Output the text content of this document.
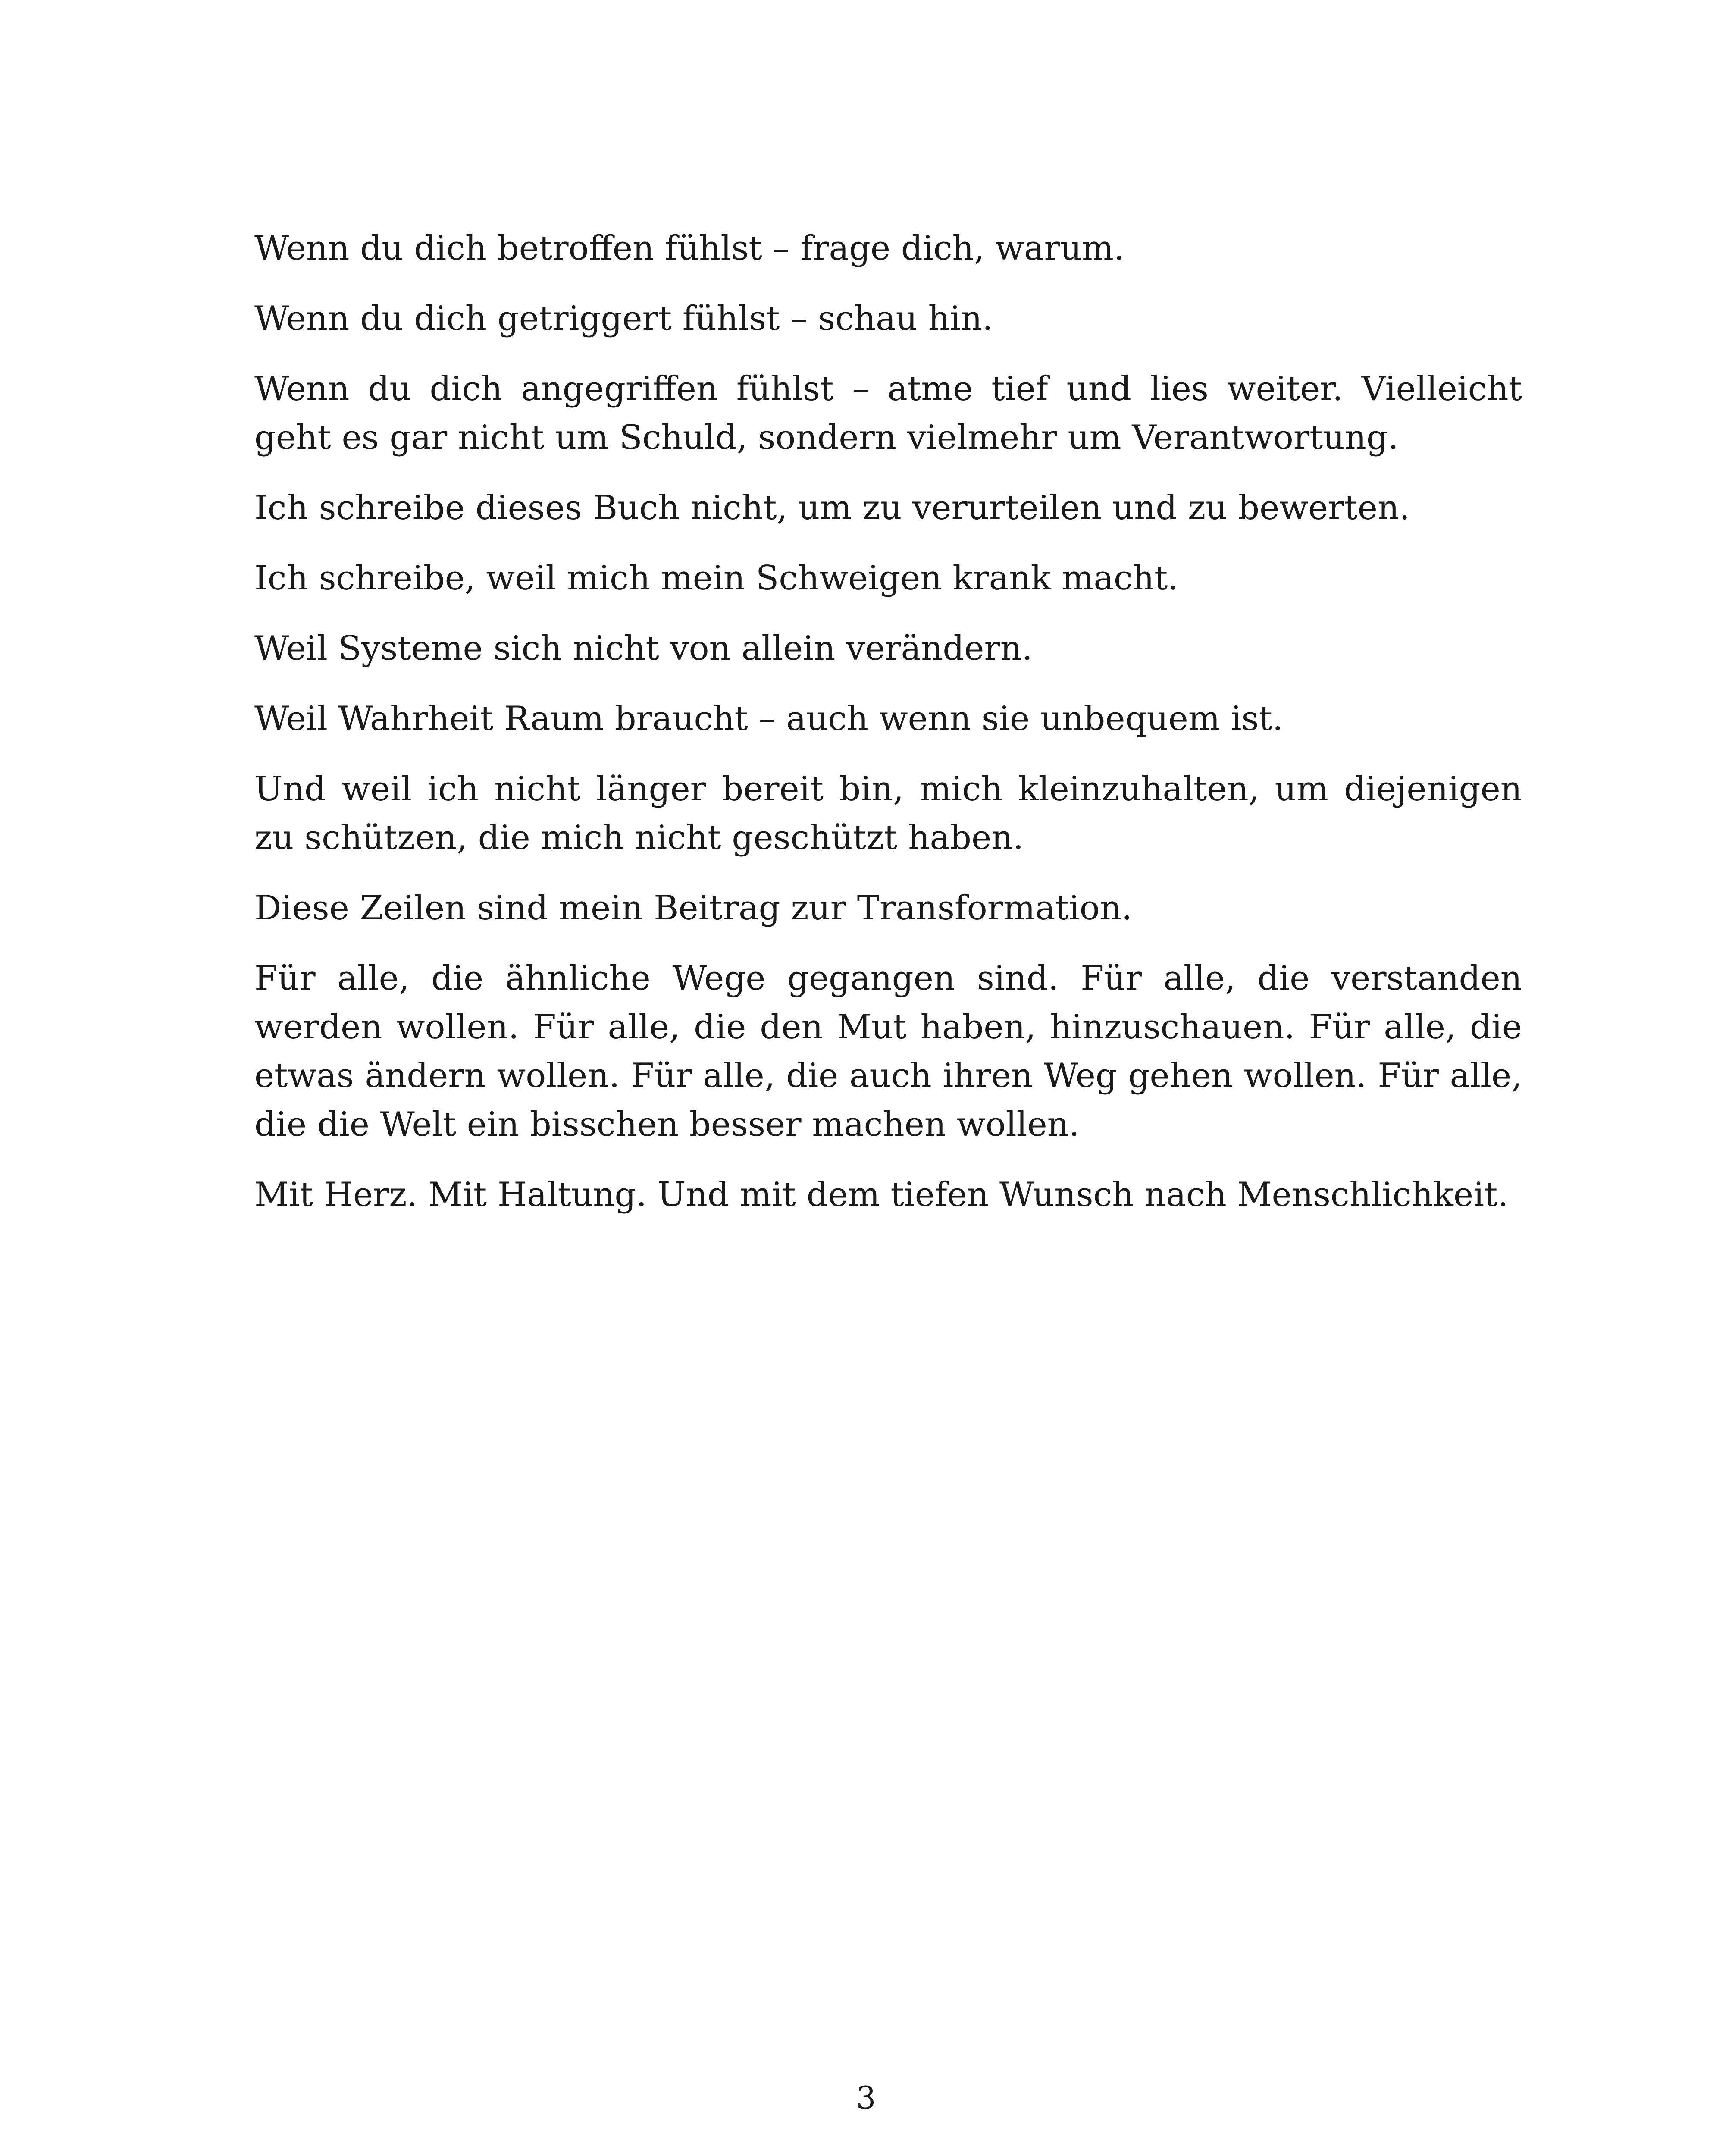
Wenn du dich betroffen fühlst – frage dich, warum.

Wenn du dich getriggert fühlst – schau hin.

Wenn du dich angegriffen fühlst – atme tief und lies weiter. Vielleicht geht es gar nicht um Schuld, sondern vielmehr um Verantwortung.

Ich schreibe dieses Buch nicht, um zu verurteilen und zu bewerten.

Ich schreibe, weil mich mein Schweigen krank macht.

Weil Systeme sich nicht von allein verändern.

Weil Wahrheit Raum braucht – auch wenn sie unbequem ist.

Und weil ich nicht länger bereit bin, mich kleinzuhalten, um diejenigen zu schützen, die mich nicht geschützt haben.

Diese Zeilen sind mein Beitrag zur Transformation.

Für alle, die ähnliche Wege gegangen sind. Für alle, die verstanden werden wollen. Für alle, die den Mut haben, hinzuschauen. Für alle, die etwas ändern wollen. Für alle, die auch ihren Weg gehen wollen. Für alle, die die Welt ein bisschen besser machen wollen.

Mit Herz. Mit Haltung. Und mit dem tiefen Wunsch nach Menschlichkeit.

3
